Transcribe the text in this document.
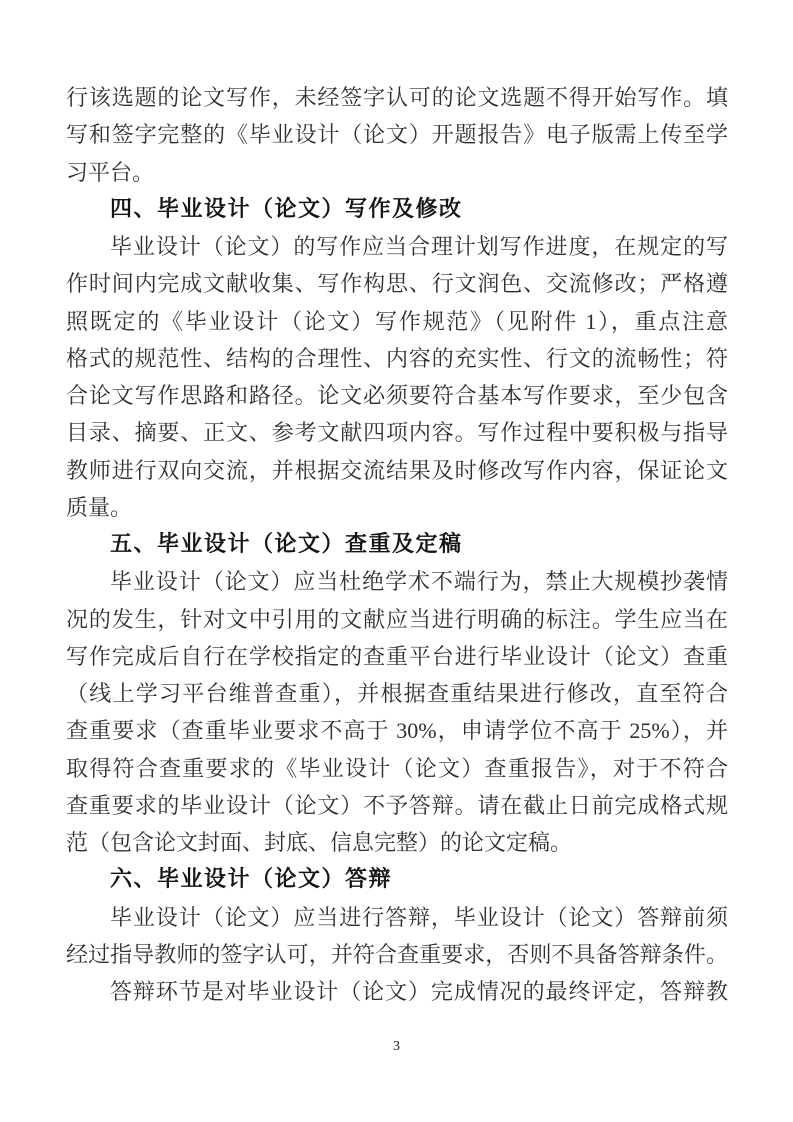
行该选题的论文写作，未经签字认可的论文选题不得开始写作。填
写和签字完整的《毕业设计（论文）开题报告》电子版需上传至学
习平台。
四、毕业设计（论文）写作及修改
毕业设计（论文）的写作应当合理计划写作进度，在规定的写
作时间内完成文献收集、写作构思、行文润色、交流修改；严格遵
照既定的《毕业设计（论文）写作规范》（见附件 1），重点注意
格式的规范性、结构的合理性、内容的充实性、行文的流畅性；符
合论文写作思路和路径。论文必须要符合基本写作要求，至少包含
目录、摘要、正文、参考文献四项内容。写作过程中要积极与指导
教师进行双向交流，并根据交流结果及时修改写作内容，保证论文
质量。
五、毕业设计（论文）查重及定稿
毕业设计（论文）应当杜绝学术不端行为，禁止大规模抄袭情
况的发生，针对文中引用的文献应当进行明确的标注。学生应当在
写作完成后自行在学校指定的查重平台进行毕业设计（论文）查重
（线上学习平台维普查重），并根据查重结果进行修改，直至符合
查重要求（查重毕业要求不高于 30%，申请学位不高于 25%），并
取得符合查重要求的《毕业设计（论文）查重报告》，对于不符合
查重要求的毕业设计（论文）不予答辩。请在截止日前完成格式规
范（包含论文封面、封底、信息完整）的论文定稿。
六、毕业设计（论文）答辩
毕业设计（论文）应当进行答辩，毕业设计（论文）答辩前须
经过指导教师的签字认可，并符合查重要求，否则不具备答辩条件。
答辩环节是对毕业设计（论文）完成情况的最终评定，答辩教
3
